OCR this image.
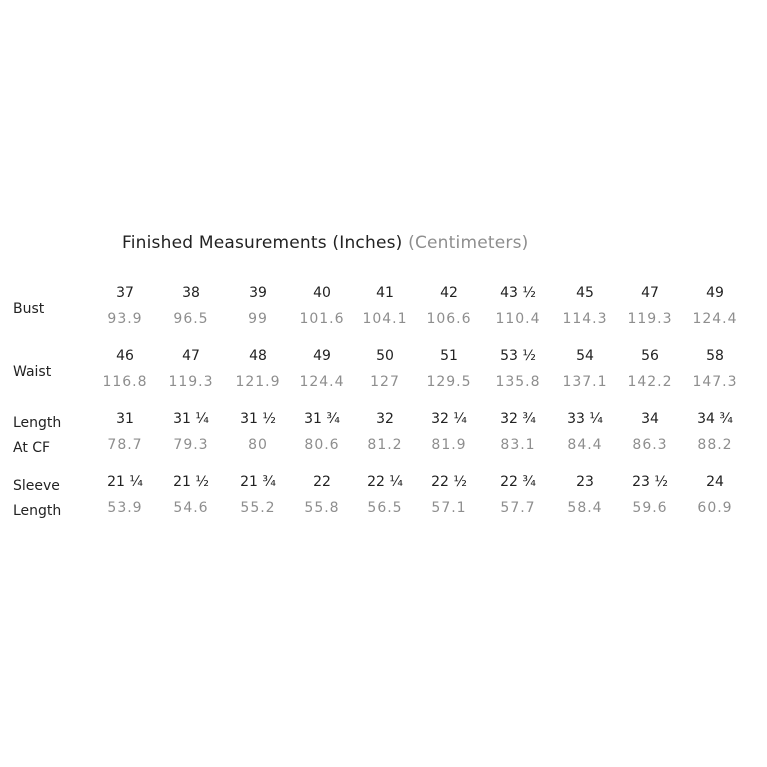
Finished Measurements (Inches) (Centimeters)
Bust
37	38	39	40	41	42	43 ½	45	47	49
93.9	96.5	99	101.6	104.1	106.6	110.4	114.3	119.3	124.4
Waist
46	47	48	49	50	51	53 ½	54	56	58
116.8	119.3	121.9	124.4	127	129.5	135.8	137.1	142.2	147.3
Length
At CF
31	31 ¼	31 ½	31 ¾	32	32 ¼	32 ¾	33 ¼	34	34 ¾
78.7	79.3	80	80.6	81.2	81.9	83.1	84.4	86.3	88.2
Sleeve
Length
21 ¼	21 ½	21 ¾	22	22 ¼	22 ½	22 ¾	23	23 ½	24
53.9	54.6	55.2	55.8	56.5	57.1	57.7	58.4	59.6	60.9
